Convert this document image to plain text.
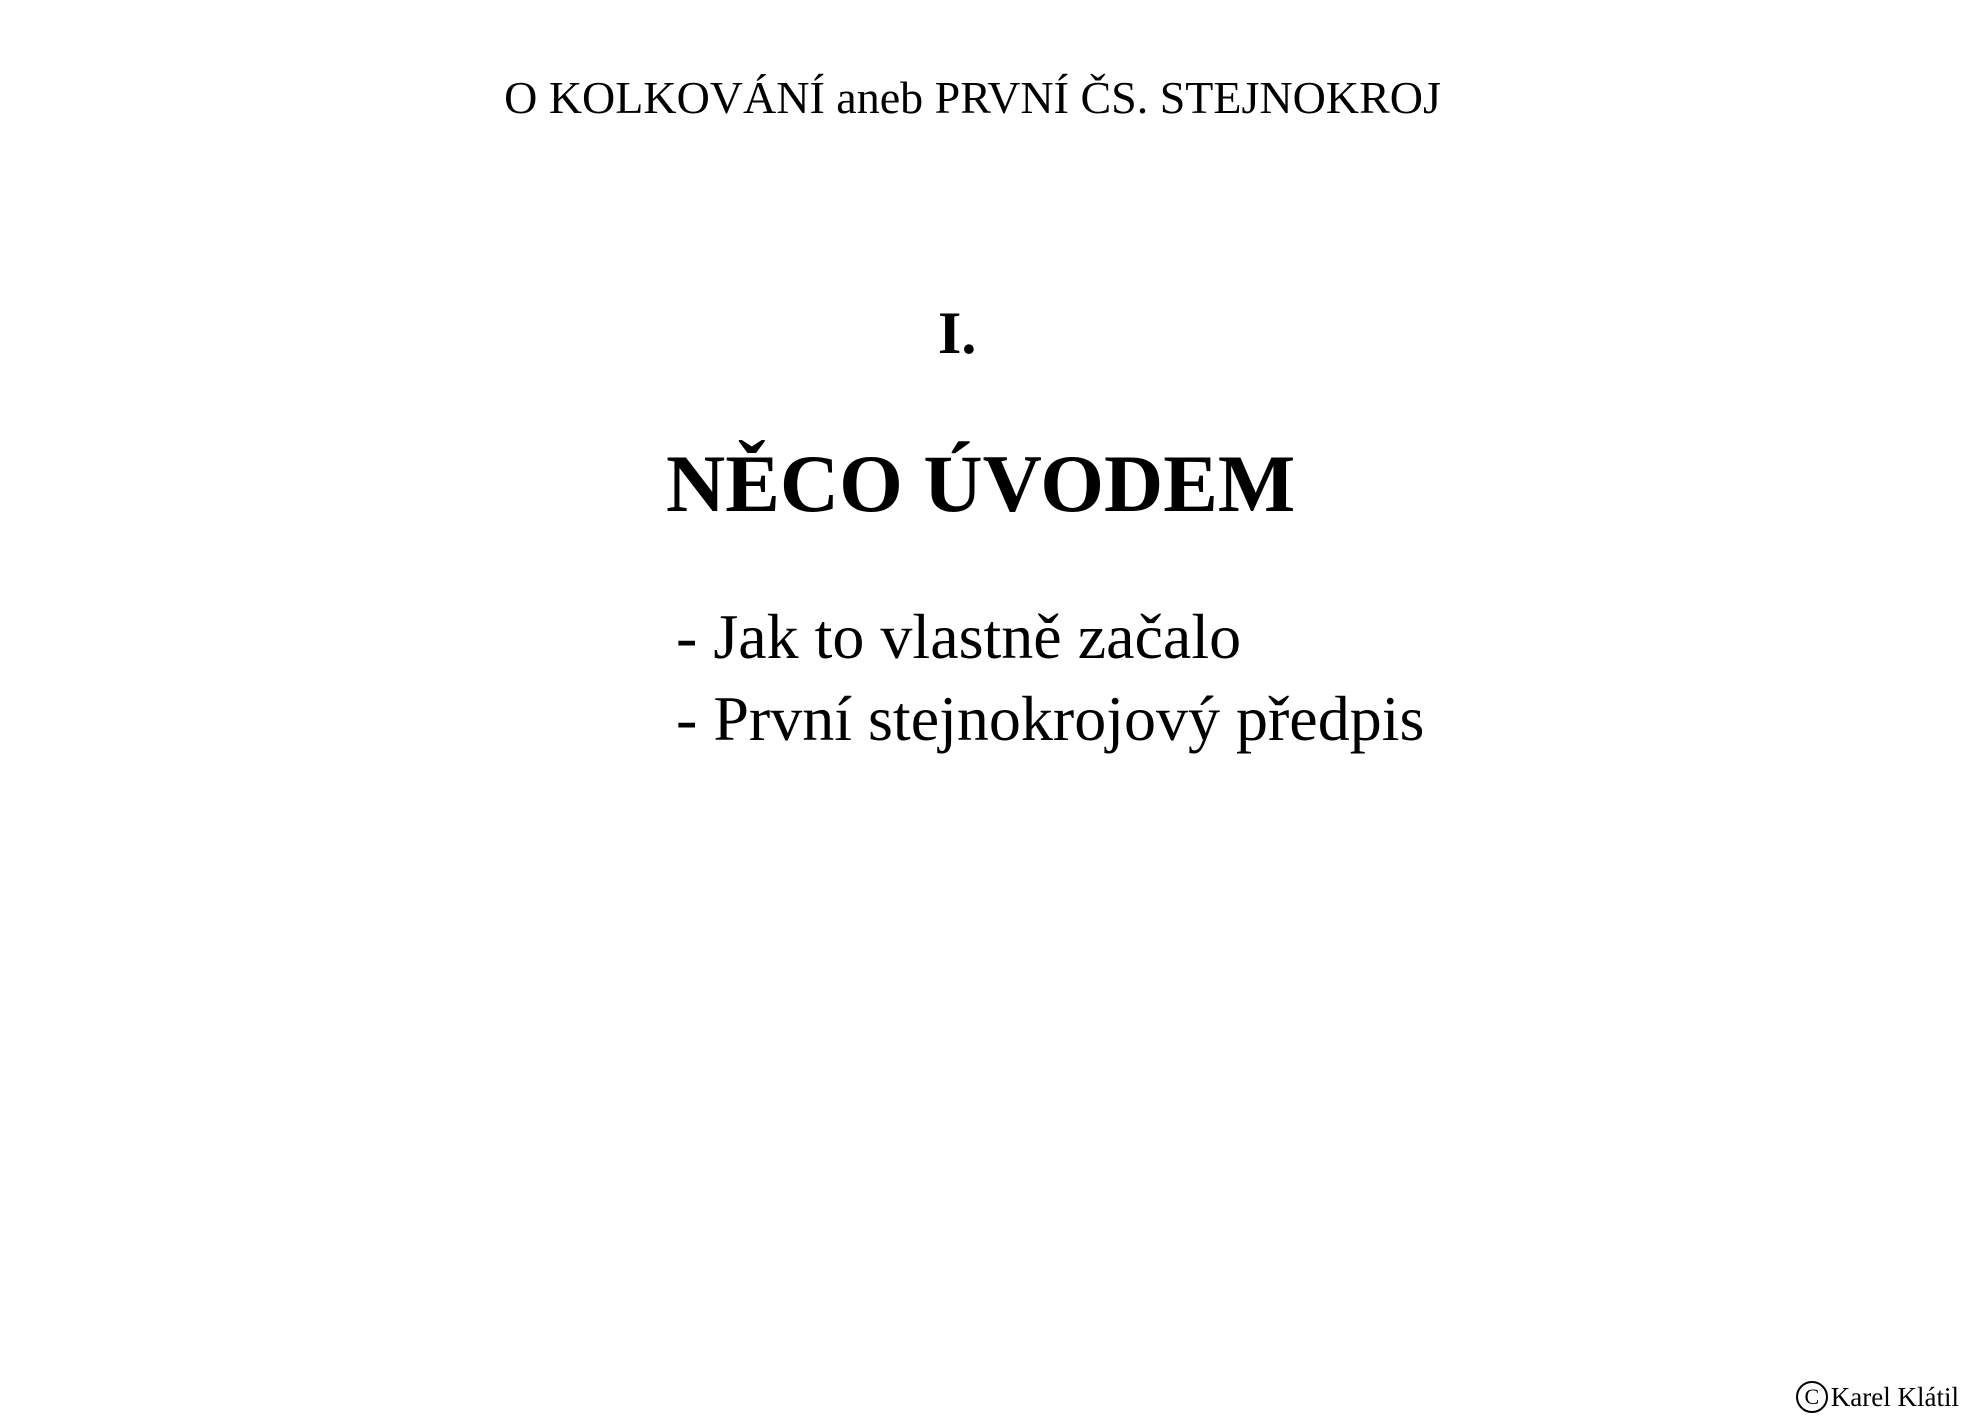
O KOLKOVÁNÍ aneb PRVNÍ ČS. STEJNOKROJ
I.
NĚCO ÚVODEM
- Jak to vlastně začalo
- První stejnokrojový předpis
C Karel Klátil
